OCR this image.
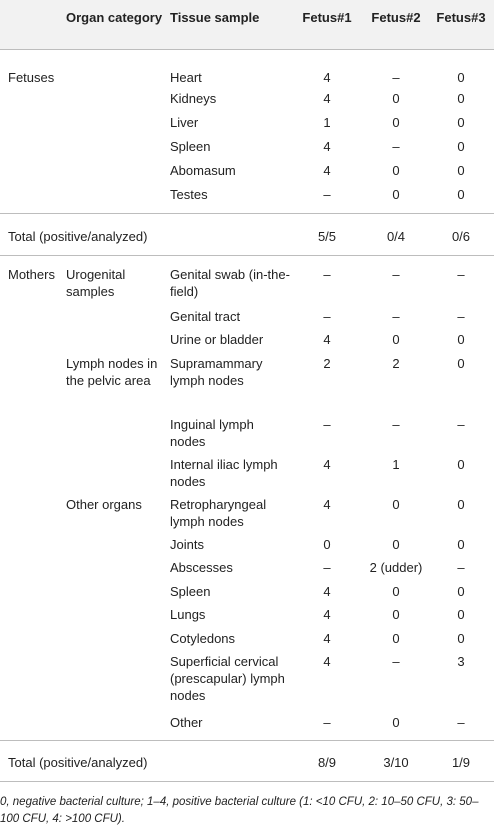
	Organ category	Tissue sample	Fetus#1	Fetus#2	Fetus#3
Fetuses		Heart	4	–	0
		Kidneys	4	0	0
		Liver	1	0	0
		Spleen	4	–	0
		Abomasum	4	0	0
		Testes	–	0	0
Total (positive/analyzed)			5/5	0/4	0/6
Mothers	Urogenital samples	Genital swab (in-the-field)	–	–	–
		Genital tract	–	–	–
		Urine or bladder	4	0	0
	Lymph nodes in the pelvic area	Supramammary lymph nodes	2	2	0
		Inguinal lymph nodes	–	–	–
		Internal iliac lymph nodes	4	1	0
	Other organs	Retropharyngeal lymph nodes	4	0	0
		Joints	0	0	0
		Abscesses	–	2 (udder)	–
		Spleen	4	0	0
		Lungs	4	0	0
		Cotyledons	4	0	0
		Superficial cervical (prescapular) lymph nodes	4	–	3
		Other	–	0	–
Total (positive/analyzed)			8/9	3/10	1/9
0, negative bacterial culture; 1–4, positive bacterial culture (1: <10 CFU, 2: 10–50 CFU, 3: 50–100 CFU, 4: >100 CFU).
